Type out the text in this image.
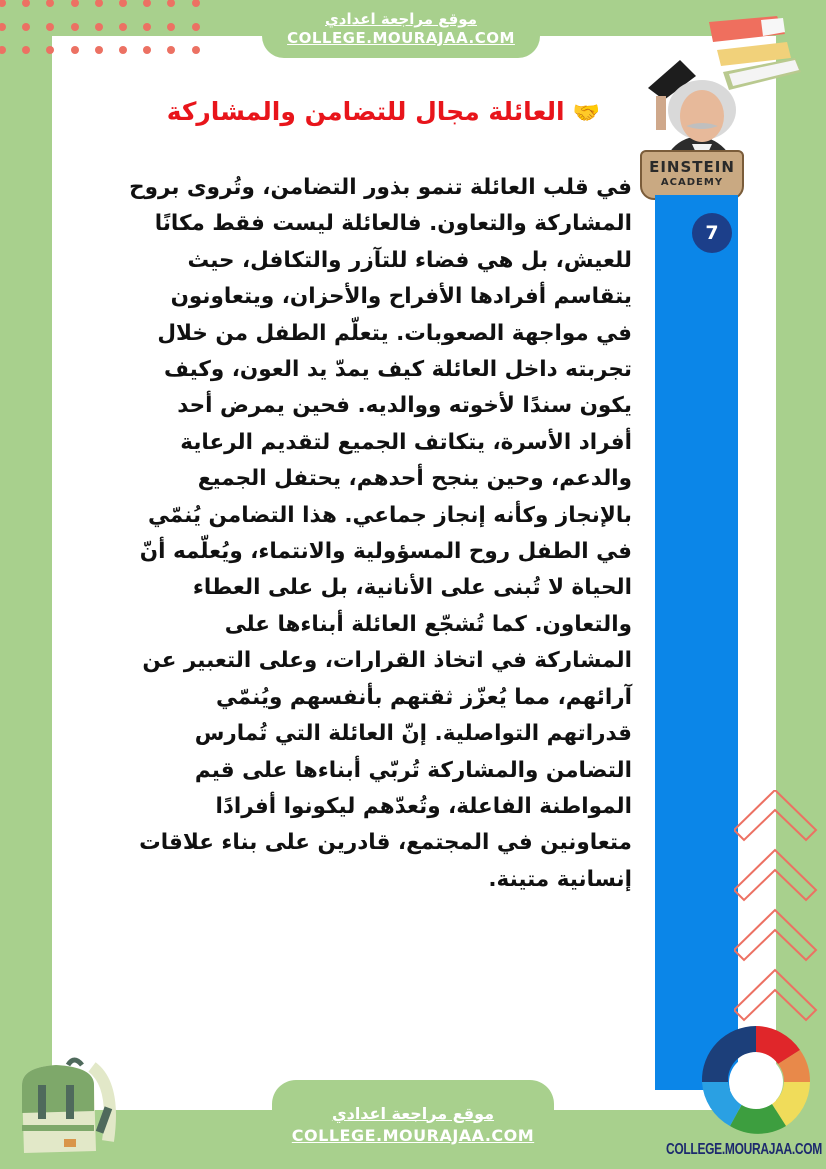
موقع مراجعة اعدادي
COLLEGE.MOURAJAA.COM
EINSTEIN
ACADEMY
🤝العائلة مجال للتضامن والمشاركة
7
في قلب العائلة تنمو بذور التضامن، وتُروى بروح
المشاركة والتعاون. فالعائلة ليست فقط مكانًا
للعيش، بل هي فضاء للتآزر والتكافل، حيث
يتقاسم أفرادها الأفراح والأحزان، ويتعاونون
في مواجهة الصعوبات. يتعلّم الطفل من خلال
تجربته داخل العائلة كيف يمدّ يد العون، وكيف
يكون سندًا لأخوته ووالديه. فحين يمرض أحد
أفراد الأسرة، يتكاتف الجميع لتقديم الرعاية
والدعم، وحين ينجح أحدهم، يحتفل الجميع
بالإنجاز وكأنه إنجاز جماعي. هذا التضامن يُنمّي
في الطفل روح المسؤولية والانتماء، ويُعلّمه أنّ
الحياة لا تُبنى على الأنانية، بل على العطاء
والتعاون. كما تُشجّع العائلة أبناءها على
المشاركة في اتخاذ القرارات، وعلى التعبير عن
آرائهم، مما يُعزّز ثقتهم بأنفسهم ويُنمّي
قدراتهم التواصلية. إنّ العائلة التي تُمارس
التضامن والمشاركة تُربّي أبناءها على قيم
المواطنة الفاعلة، وتُعدّهم ليكونوا أفرادًا
متعاونين في المجتمع، قادرين على بناء علاقات
إنسانية متينة.
موقع مراجعة اعدادي
COLLEGE.MOURAJAA.COM
COLLEGE.MOURAJAA.COM
